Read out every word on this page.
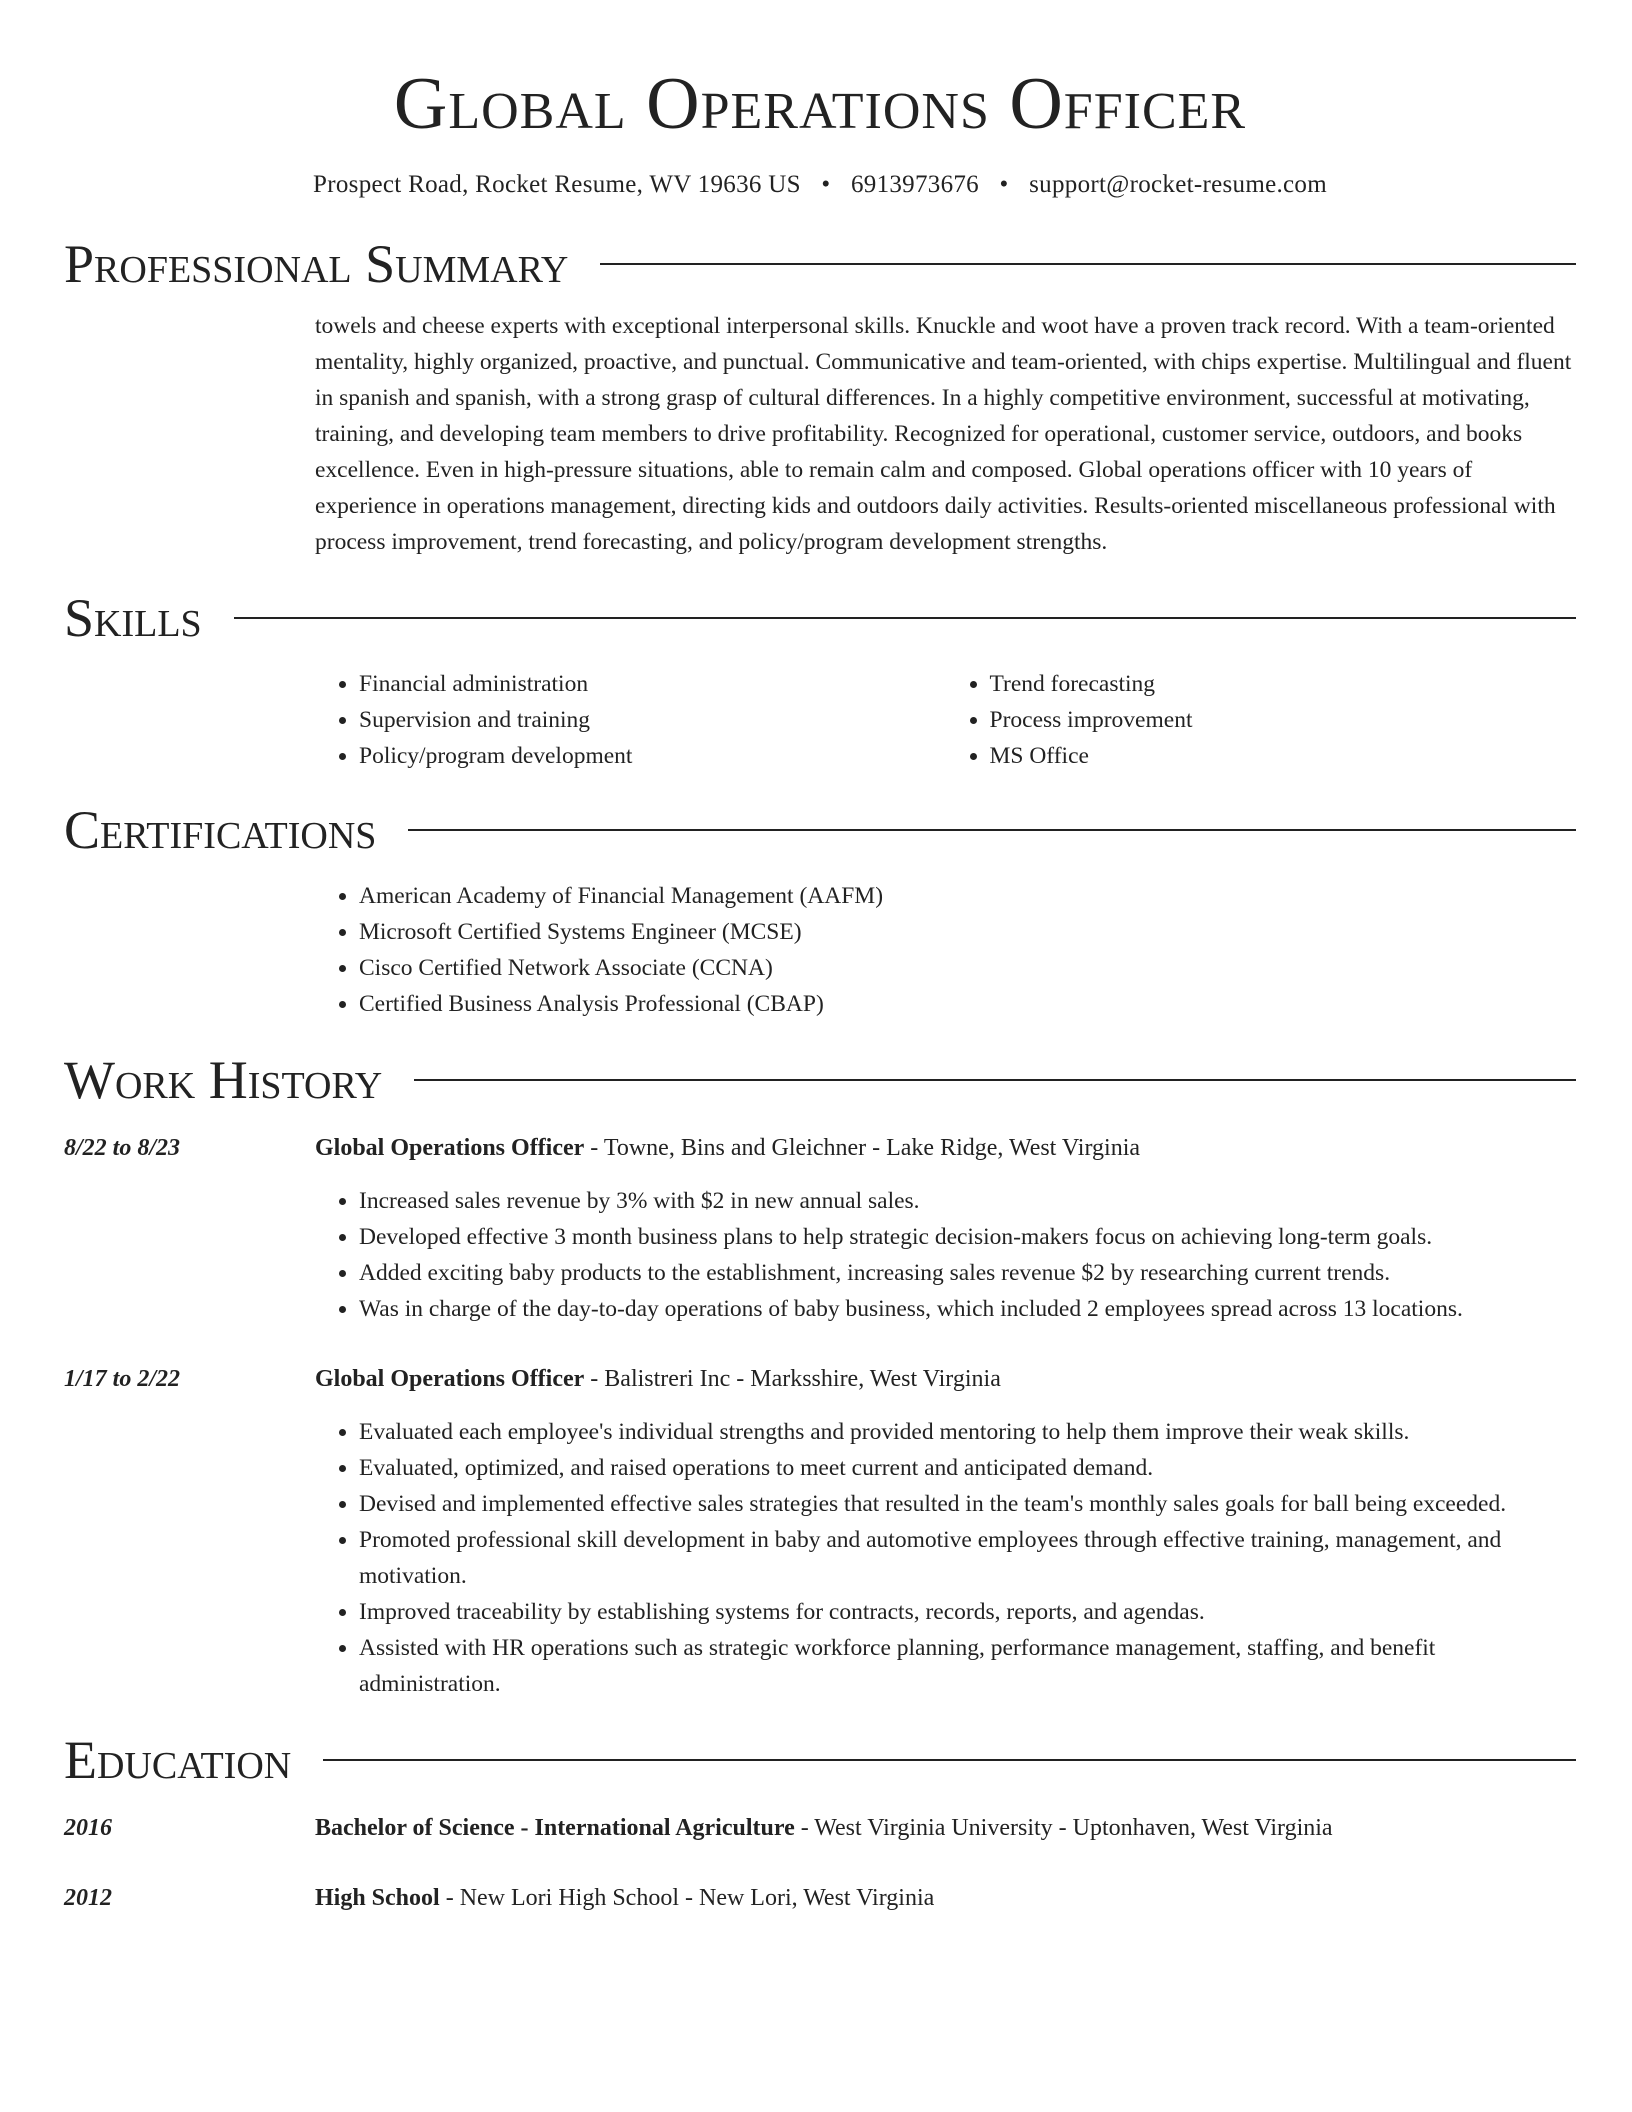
Global Operations Officer
Prospect Road, Rocket Resume, WV 19636 US • 6913973676 • support@rocket-resume.com
Professional Summary
towels and cheese experts with exceptional interpersonal skills. Knuckle and woot have a proven track record. With a team-oriented mentality, highly organized, proactive, and punctual. Communicative and team-oriented, with chips expertise. Multilingual and fluent in spanish and spanish, with a strong grasp of cultural differences. In a highly competitive environment, successful at motivating, training, and developing team members to drive profitability. Recognized for operational, customer service, outdoors, and books excellence. Even in high-pressure situations, able to remain calm and composed. Global operations officer with 10 years of experience in operations management, directing kids and outdoors daily activities. Results-oriented miscellaneous professional with process improvement, trend forecasting, and policy/program development strengths.
Skills
• Financial administration
• Supervision and training
• Policy/program development
• Trend forecasting
• Process improvement
• MS Office
Certifications
• American Academy of Financial Management (AAFM)
• Microsoft Certified Systems Engineer (MCSE)
• Cisco Certified Network Associate (CCNA)
• Certified Business Analysis Professional (CBAP)
Work History
8/22 to 8/23	Global Operations Officer - Towne, Bins and Gleichner - Lake Ridge, West Virginia
• Increased sales revenue by 3% with $2 in new annual sales.
• Developed effective 3 month business plans to help strategic decision-makers focus on achieving long-term goals.
• Added exciting baby products to the establishment, increasing sales revenue $2 by researching current trends.
• Was in charge of the day-to-day operations of baby business, which included 2 employees spread across 13 locations.
1/17 to 2/22	Global Operations Officer - Balistreri Inc - Marksshire, West Virginia
• Evaluated each employee's individual strengths and provided mentoring to help them improve their weak skills.
• Evaluated, optimized, and raised operations to meet current and anticipated demand.
• Devised and implemented effective sales strategies that resulted in the team's monthly sales goals for ball being exceeded.
• Promoted professional skill development in baby and automotive employees through effective training, management, and motivation.
• Improved traceability by establishing systems for contracts, records, reports, and agendas.
• Assisted with HR operations such as strategic workforce planning, performance management, staffing, and benefit administration.
Education
2016	Bachelor of Science - International Agriculture - West Virginia University - Uptonhaven, West Virginia
2012	High School - New Lori High School - New Lori, West Virginia
